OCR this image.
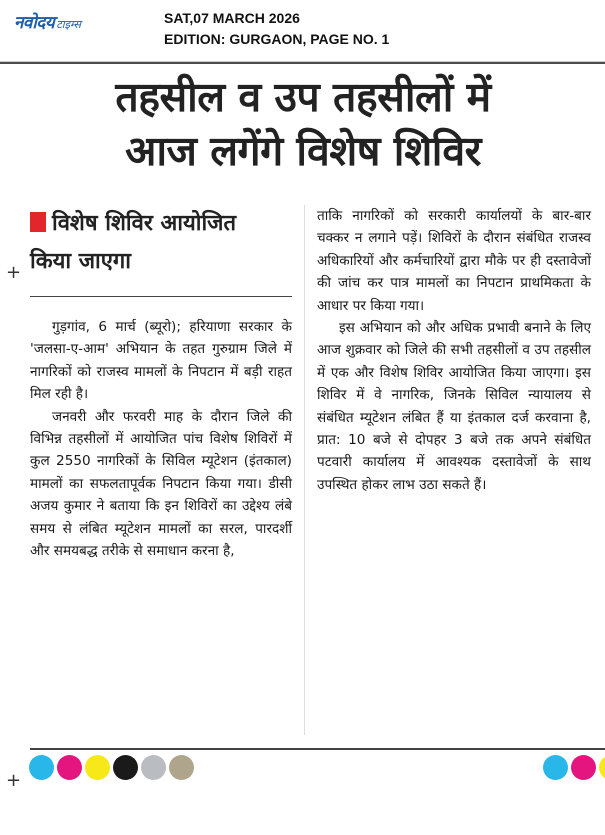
नवोदय टाइम्स	SAT,07 MARCH 2026
EDITION: GURGAON, PAGE NO. 1
तहसील व उप तहसीलों में
आज लगेंगे विशेष शिविर
विशेष शिविर आयोजित
किया जाएगा

गुड़गांव, 6 मार्च (ब्यूरो); हरियाणा सरकार के 'जलसा-ए-आम' अभियान के तहत गुरुग्राम जिले में नागरिकों को राजस्व मामलों के निपटान में बड़ी राहत मिल रही है।

जनवरी और फरवरी माह के दौरान जिले की विभिन्न तहसीलों में आयोजित पांच विशेष शिविरों में कुल 2550 नागरिकों के सिविल म्यूटेशन (इंतकाल) मामलों का सफलतापूर्वक निपटान किया गया। डीसी अजय कुमार ने बताया कि इन शिविरों का उद्देश्य लंबे समय से लंबित म्यूटेशन मामलों का सरल, पारदर्शी और समयबद्ध तरीके से समाधान करना है,

ताकि नागरिकों को सरकारी कार्यालयों के बार-बार चक्कर न लगाने पड़ें। शिविरों के दौरान संबंधित राजस्व अधिकारियों और कर्मचारियों द्वारा मौके पर ही दस्तावेजों की जांच कर पात्र मामलों का निपटान प्राथमिकता के आधार पर किया गया।

इस अभियान को और अधिक प्रभावी बनाने के लिए आज शुक्रवार को जिले की सभी तहसीलों व उप तहसील में एक और विशेष शिविर आयोजित किया जाएगा। इस शिविर में वे नागरिक, जिनके सिविल न्यायालय से संबंधित म्यूटेशन लंबित हैं या इंतकाल दर्ज करवाना है, प्रात: 10 बजे से दोपहर 3 बजे तक अपने संबंधित पटवारी कार्यालय में आवश्यक दस्तावेजों के साथ उपस्थित होकर लाभ उठा सकते हैं।

+
+
